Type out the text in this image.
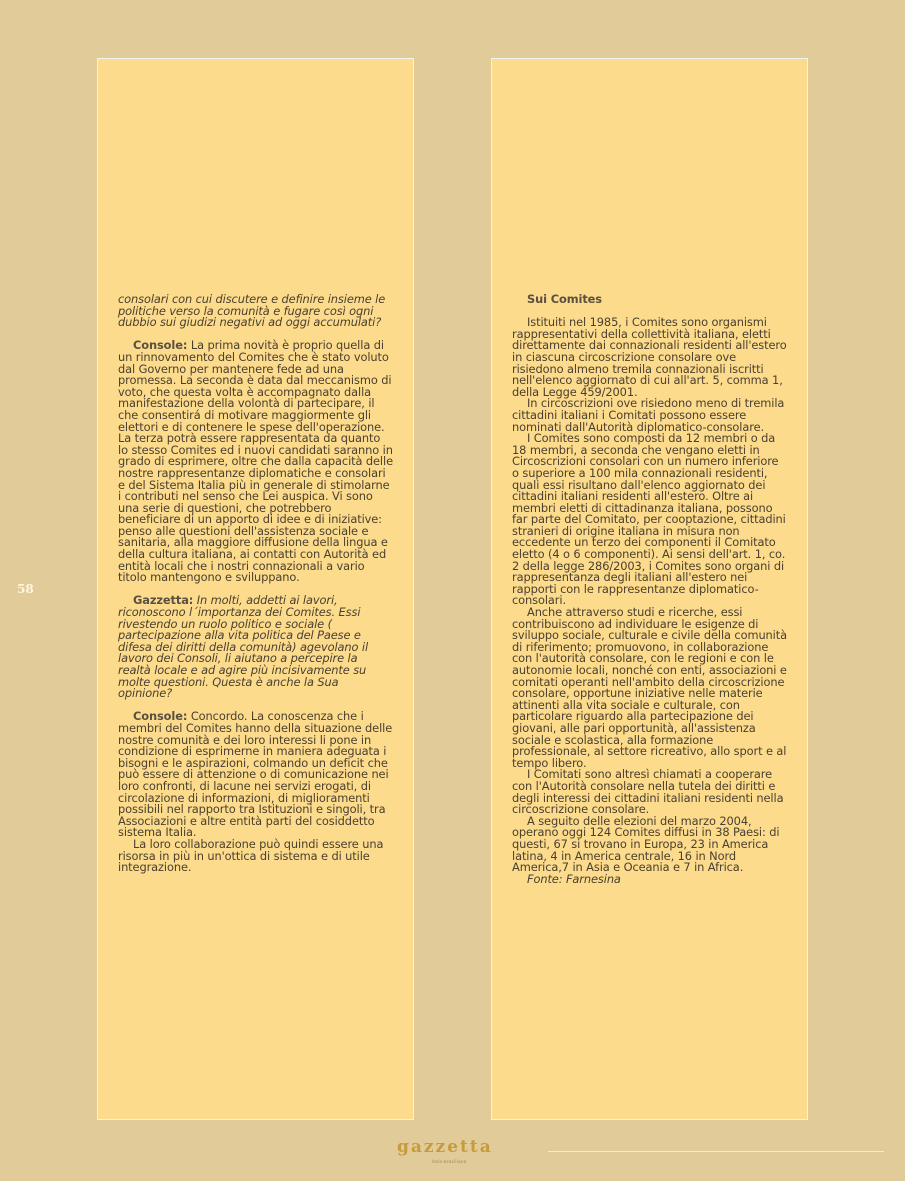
58

consolari con cui discutere e definire insieme le politiche verso la comunità e fugare così ogni dubbio sui giudizi negativi ad oggi accumulati?

Console: La prima novità è proprio quella di un rinnovamento del Comites che è stato voluto dal Governo per mantenere fede ad una promessa. La seconda è data dal meccanismo di voto, che questa volta è accompagnato dalla manifestazione della volontà di partecipare, il che consentirá di motivare maggiormente gli elettori e di contenere le spese dell'operazione. La terza potrà essere rappresentata da quanto lo stesso Comites ed i nuovi candidati saranno in grado di esprimere, oltre che dalla capacità delle nostre rappresentanze diplomatiche e consolari e del Sistema Italia più in generale di stimolarne i contributi nel senso che Lei auspica. Vi sono una serie di questioni, che potrebbero beneficiare di un apporto di idee e di iniziative: penso alle questioni dell'assistenza sociale e sanitaria, alla maggiore diffusione della lingua e della cultura italiana, ai contatti con Autorità ed entità locali che i nostri connazionali a vario titolo mantengono e sviluppano.

Gazzetta: In molti, addetti ai lavori, riconoscono l´importanza dei Comites. Essi rivestendo un ruolo politico e sociale ( partecipazione alla vita politica del Paese e difesa dei diritti della comunità) agevolano il lavoro dei Consoli, li aiutano a percepire la realtà locale e ad agire più incisivamente su molte questioni. Questa è anche la Sua opinione?

Console: Concordo. La conoscenza che i membri del Comites hanno della situazione delle nostre comunità e dei loro interessi li pone in condizione di esprimerne in maniera adeguata i bisogni e le aspirazioni, colmando un deficit che può essere di attenzione o di comunicazione nei loro confronti, di lacune nei servizi erogati, di circolazione di informazioni, di miglioramenti possibili nel rapporto tra Istituzioni e singoli, tra Associazioni e altre entità parti del cosiddetto sistema Italia.

La loro collaborazione può quindi essere una risorsa in più in un'ottica di sistema e di utile integrazione.

Sui Comites

Istituiti nel 1985, i Comites sono organismi rappresentativi della collettività italiana, eletti direttamente dai connazionali residenti all'estero in ciascuna circoscrizione consolare ove risiedono almeno tremila connazionali iscritti nell'elenco aggiornato di cui all'art. 5, comma 1, della Legge 459/2001.

In circoscrizioni ove risiedono meno di tremila cittadini italiani i Comitati possono essere nominati dall'Autorità diplomatico-consolare.

I Comites sono composti da 12 membri o da 18 membri, a seconda che vengano eletti in Circoscrizioni consolari con un numero inferiore o superiore a 100 mila connazionali residenti, quali essi risultano dall'elenco aggiornato dei cittadini italiani residenti all'estero. Oltre ai membri eletti di cittadinanza italiana, possono far parte del Comitato, per cooptazione, cittadini stranieri di origine italiana in misura non eccedente un terzo dei componenti il Comitato eletto (4 o 6 componenti). Ai sensi dell'art. 1, co. 2 della legge 286/2003, i Comites sono organi di rappresentanza degli italiani all'estero nei rapporti con le rappresentanze diplomatico-consolari.

Anche attraverso studi e ricerche, essi contribuiscono ad individuare le esigenze di sviluppo sociale, culturale e civile della comunità di riferimento; promuovono, in collaborazione con l'autorità consolare, con le regioni e con le autonomie locali, nonché con enti, associazioni e comitati operanti nell'ambito della circoscrizione consolare, opportune iniziative nelle materie attinenti alla vita sociale e culturale, con particolare riguardo alla partecipazione dei giovani, alle pari opportunità, all'assistenza sociale e scolastica, alla formazione professionale, al settore ricreativo, allo sport e al tempo libero.

I Comitati sono altresì chiamati a cooperare con l'Autorità consolare nella tutela dei diritti e degli interessi dei cittadini italiani residenti nella circoscrizione consolare.

A seguito delle elezioni del marzo 2004, operano oggi 124 Comites diffusi in 38 Paesi: di questi, 67 si trovano in Europa, 23 in America latina, 4 in America centrale, 16 in Nord America,7 in Asia e Oceania e 7 in Africa.

Fonte: Farnesina

gazzetta
italo-brasiliana
